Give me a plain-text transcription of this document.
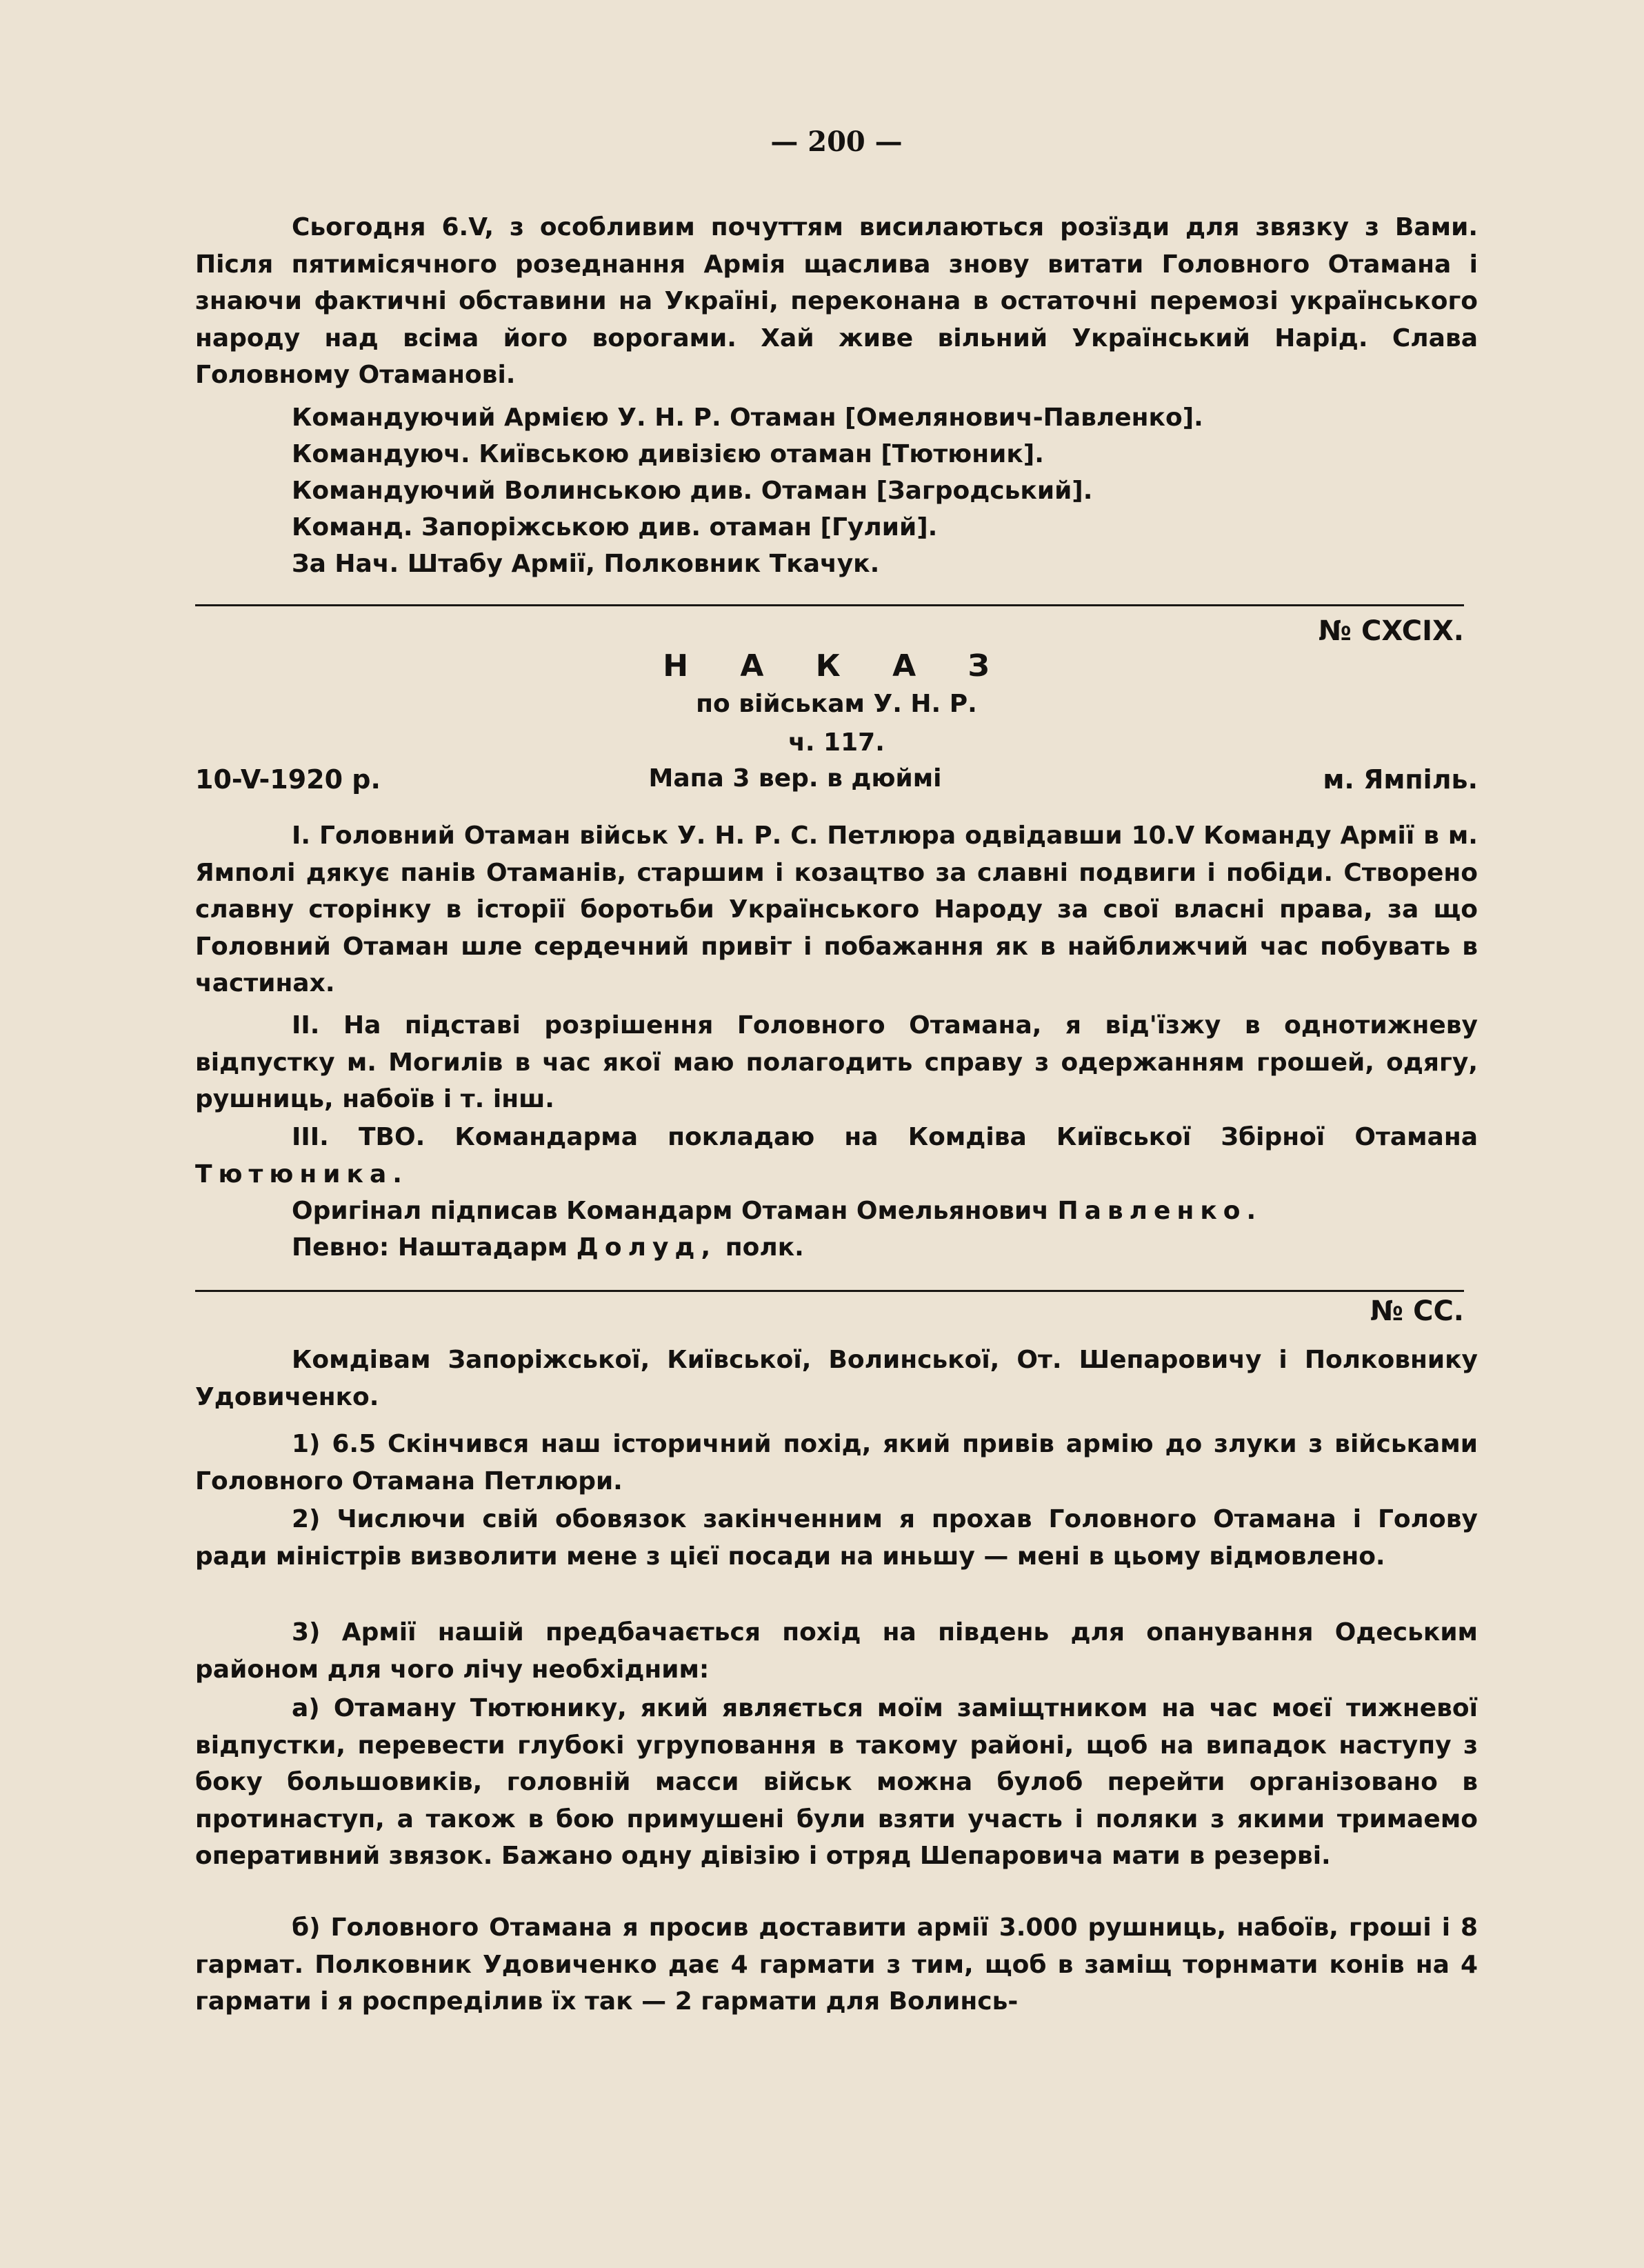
— 200 —
Сьогодня 6.V, з особливим почуттям висилаються розїзди для звязку з Вами. Після пятимісячного розеднання Армія щаслива знову витати Головного Отамана і знаючи фактичні обставини на Україні, переконана в остаточні перемозі українського народу над всіма його ворогами. Хай живе вільний Український Нарід. Слава Головному Отаманові.
Командуючий Армією У. Н. Р. Отаман [Омелянович-Павленко].
Командуюч. Київською дивізією отаман [Тютюник].
Командуючий Волинською див. Отаман [Загродський].
Команд. Запоріжською див. отаман [Гулий].
За Нач. Штабу Армії, Полковник Ткачук.
№ CXCIX.
Н А К А З
по військам У. Н. Р.
ч. 117.
10-V-1920 р.	м. Ямпіль.
Мапа 3 вер. в дюймі
І. Головний Отаман військ У. Н. Р. С. Петлюра одвідавши 10.V Команду Армії в м. Ямполі дякує панів Отаманів, старшим і козацтво за славні подвиги і побіди. Створено славну сторінку в історії боротьби Українського Народу за свої власні права, за що Головний Отаман шле сердечний привіт і побажання як в найближчий час побувать в частинах.
ІІ. На підставі розрішення Головного Отамана, я від'їзжу в однотижневу відпустку м. Могилів в час якої маю полагодить справу з одержанням грошей, одягу, рушниць, набоїв і т. інш.
ІІІ. ТВО. Командарма покладаю на Комдіва Київської Збірної Отамана Тютюника.
Оригінал підписав Командарм Отаман Омельянович Павленко.
Певно: Наштадарм Долуд, полк.
№ CC.
Комдівам Запоріжської, Київської, Волинської, От. Шепаровичу і Полковнику Удовиченко.
1) 6.5 Скінчився наш історичний похід, який привів армію до злуки з військами Головного Отамана Петлюри.
2) Числючи свій обовязок закінченним я прохав Головного Отамана і Голову ради міністрів визволити мене з цієї посади на иньшу — мені в цьому відмовлено.
3) Армії нашій предбачається похід на південь для опанування Одеським районом для чого лічу необхідним:
а) Отаману Тютюнику, який являється моїм заміщтником на час моєї тижневої відпустки, перевести глубокі угруповання в такому районі, щоб на випадок наступу з боку большовиків, головній масси військ можна булоб перейти організовано в протинаступ, а також в бою примушені були взяти участь і поляки з якими тримаемо оперативний звязок. Бажано одну дівізію і отряд Шепаровича мати в резерві.
б) Головного Отамана я просив доставити армії 3.000 рушниць, набоїв, гроші і 8 гармат. Полковник Удовиченко дає 4 гармати з тим, щоб в заміщ торнмати конів на 4 гармати і я роспреділив їх так — 2 гармати для Волинсь-
